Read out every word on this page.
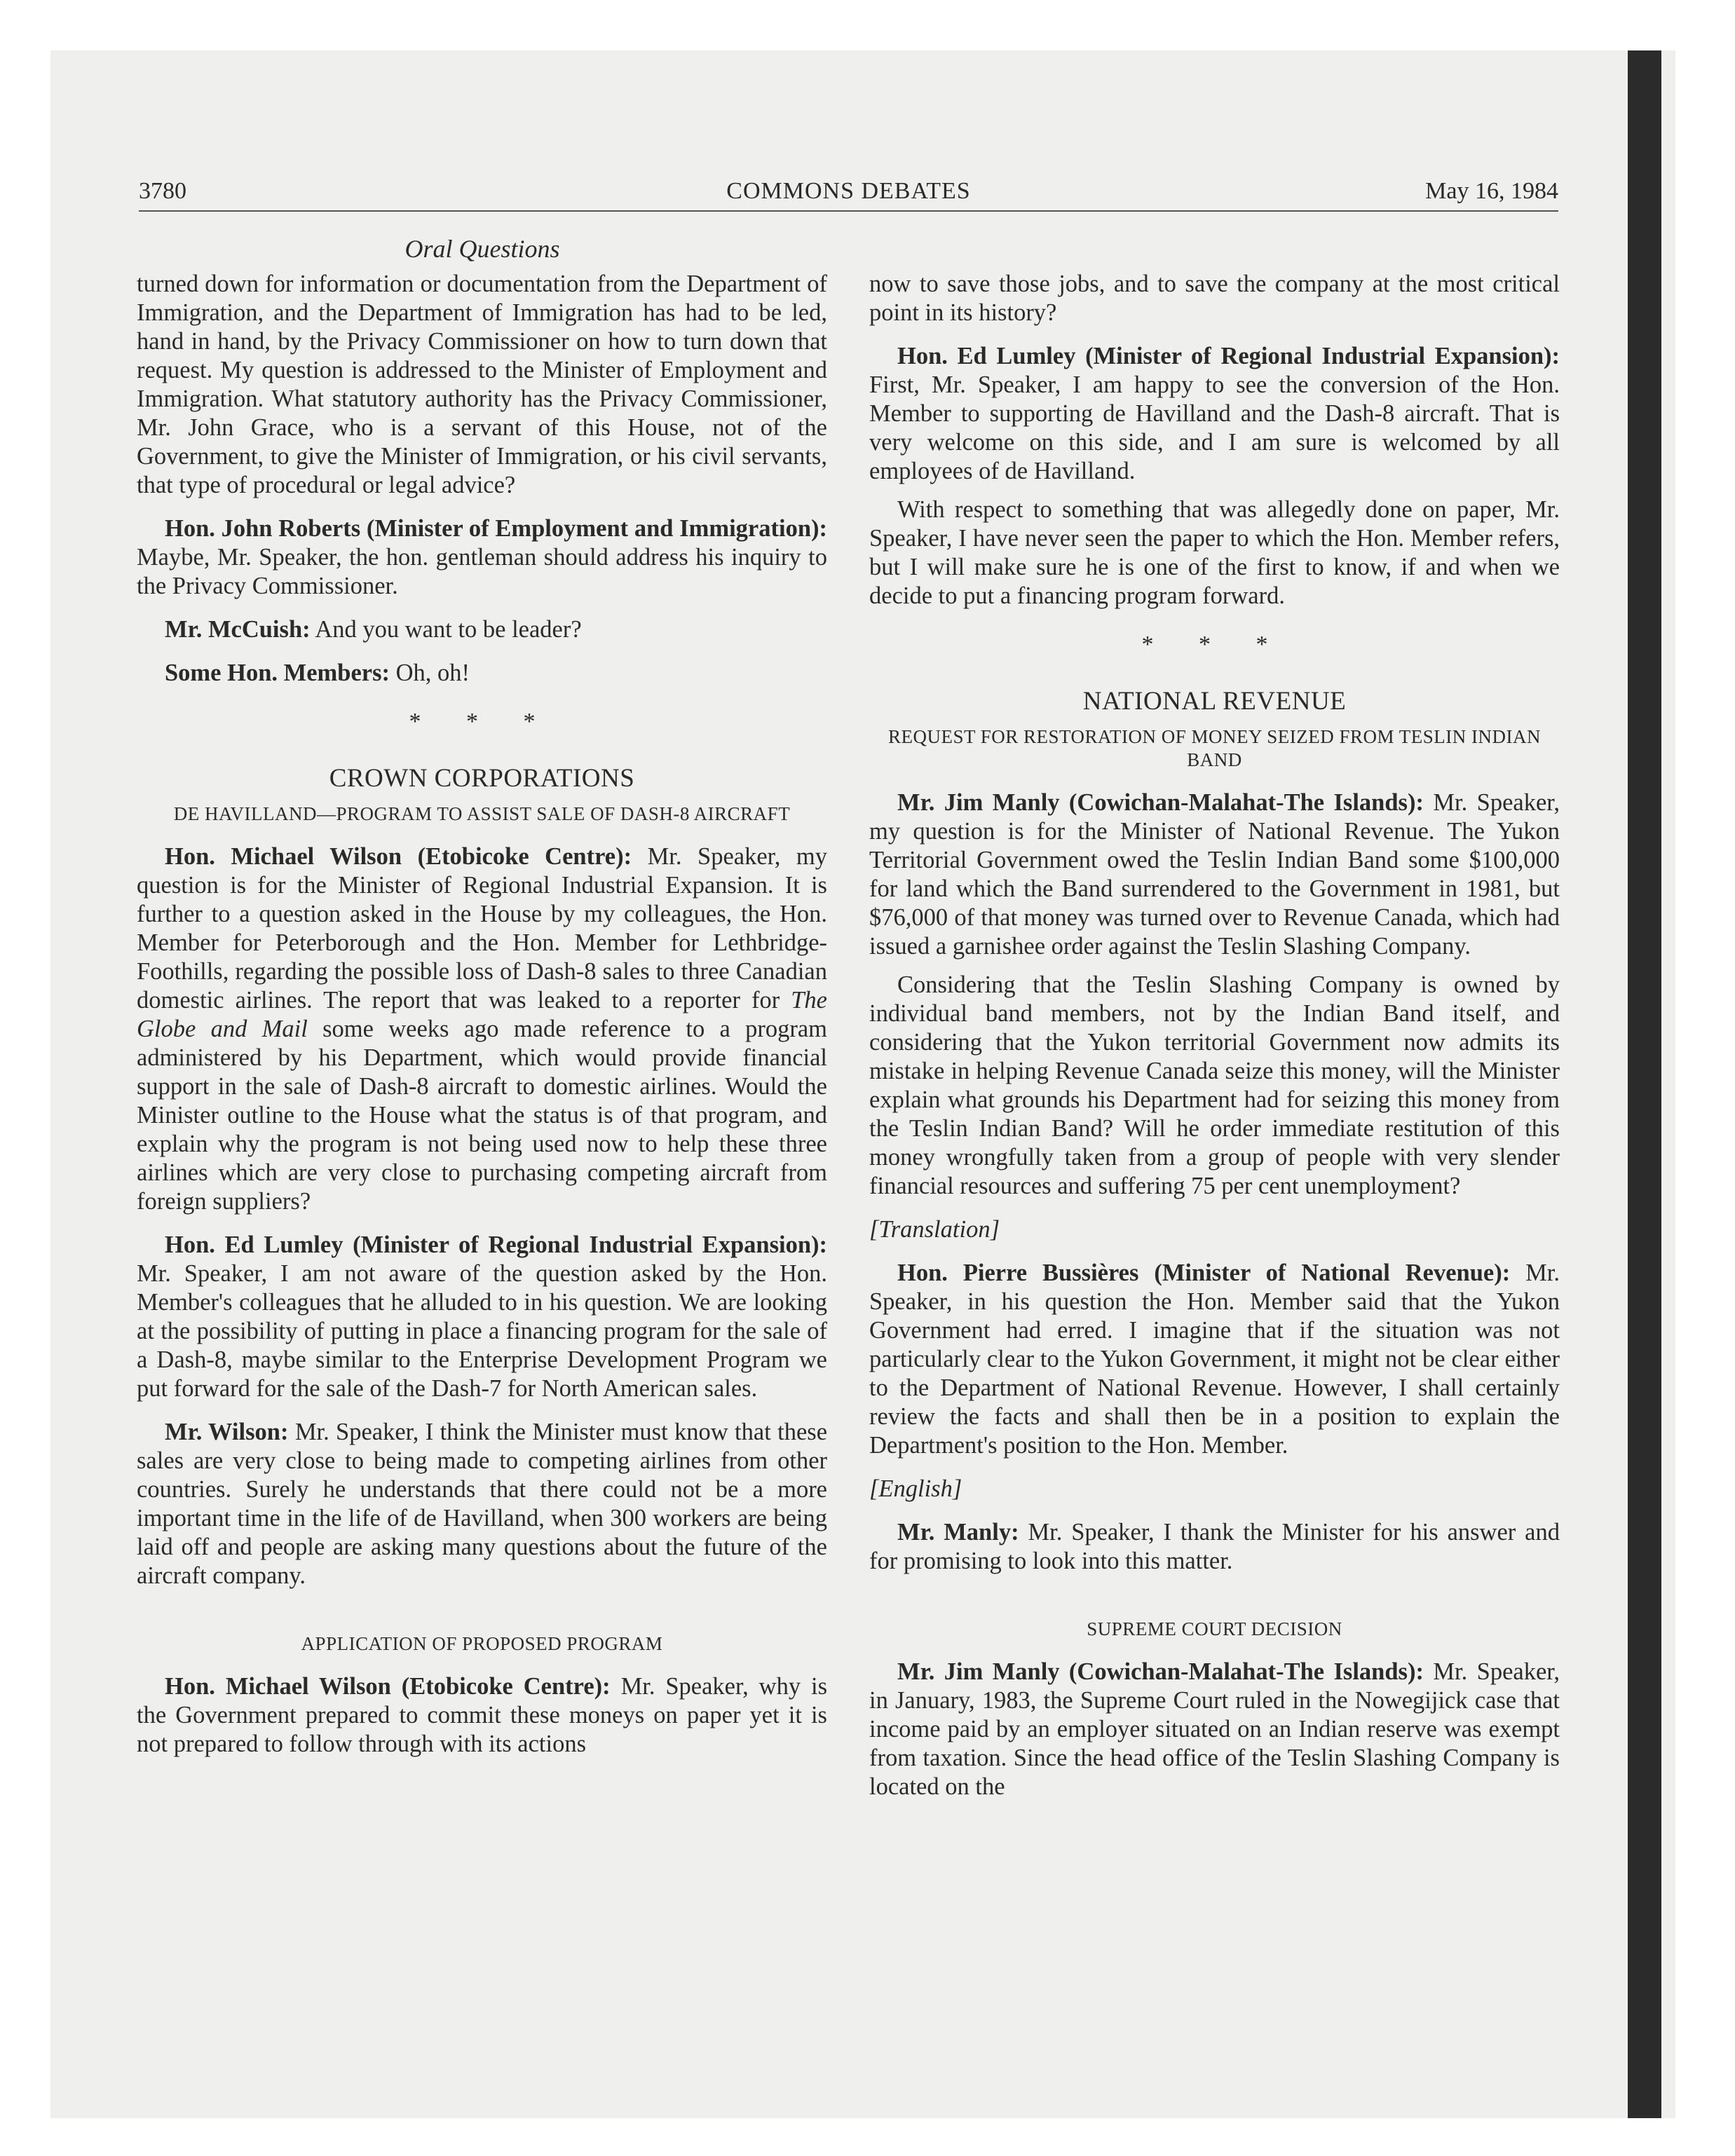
3780	COMMONS DEBATES	May 16, 1984
Oral Questions

turned down for information or documentation from the Department of Immigration, and the Department of Immigration has had to be led, hand in hand, by the Privacy Commissioner on how to turn down that request. My question is addressed to the Minister of Employment and Immigration. What statutory authority has the Privacy Commissioner, Mr. John Grace, who is a servant of this House, not of the Government, to give the Minister of Immigration, or his civil servants, that type of procedural or legal advice?

Hon. John Roberts (Minister of Employment and Immigration): Maybe, Mr. Speaker, the hon. gentleman should address his inquiry to the Privacy Commissioner.

Mr. McCuish: And you want to be leader?

Some Hon. Members: Oh, oh!

* * *
CROWN CORPORATIONS
DE HAVILLAND—PROGRAM TO ASSIST SALE OF DASH-8 AIRCRAFT

Hon. Michael Wilson (Etobicoke Centre): Mr. Speaker, my question is for the Minister of Regional Industrial Expansion. It is further to a question asked in the House by my colleagues, the Hon. Member for Peterborough and the Hon. Member for Lethbridge-Foothills, regarding the possible loss of Dash-8 sales to three Canadian domestic airlines. The report that was leaked to a reporter for The Globe and Mail some weeks ago made reference to a program administered by his Department, which would provide financial support in the sale of Dash-8 aircraft to domestic airlines. Would the Minister outline to the House what the status is of that program, and explain why the program is not being used now to help these three airlines which are very close to purchasing competing aircraft from foreign suppliers?

Hon. Ed Lumley (Minister of Regional Industrial Expansion): Mr. Speaker, I am not aware of the question asked by the Hon. Member's colleagues that he alluded to in his question. We are looking at the possibility of putting in place a financing program for the sale of a Dash-8, maybe similar to the Enterprise Development Program we put forward for the sale of the Dash-7 for North American sales.

Mr. Wilson: Mr. Speaker, I think the Minister must know that these sales are very close to being made to competing airlines from other countries. Surely he understands that there could not be a more important time in the life of de Havilland, when 300 workers are being laid off and people are asking many questions about the future of the aircraft company.

APPLICATION OF PROPOSED PROGRAM

Hon. Michael Wilson (Etobicoke Centre): Mr. Speaker, why is the Government prepared to commit these moneys on paper yet it is not prepared to follow through with its actions

now to save those jobs, and to save the company at the most critical point in its history?

Hon. Ed Lumley (Minister of Regional Industrial Expansion): First, Mr. Speaker, I am happy to see the conversion of the Hon. Member to supporting de Havilland and the Dash-8 aircraft. That is very welcome on this side, and I am sure is welcomed by all employees of de Havilland.

With respect to something that was allegedly done on paper, Mr. Speaker, I have never seen the paper to which the Hon. Member refers, but I will make sure he is one of the first to know, if and when we decide to put a financing program forward.

* * *
NATIONAL REVENUE
REQUEST FOR RESTORATION OF MONEY SEIZED FROM TESLIN INDIAN BAND

Mr. Jim Manly (Cowichan-Malahat-The Islands): Mr. Speaker, my question is for the Minister of National Revenue. The Yukon Territorial Government owed the Teslin Indian Band some $100,000 for land which the Band surrendered to the Government in 1981, but $76,000 of that money was turned over to Revenue Canada, which had issued a garnishee order against the Teslin Slashing Company.

Considering that the Teslin Slashing Company is owned by individual band members, not by the Indian Band itself, and considering that the Yukon territorial Government now admits its mistake in helping Revenue Canada seize this money, will the Minister explain what grounds his Department had for seizing this money from the Teslin Indian Band? Will he order immediate restitution of this money wrongfully taken from a group of people with very slender financial resources and suffering 75 per cent unemployment?

[Translation]

Hon. Pierre Bussières (Minister of National Revenue): Mr. Speaker, in his question the Hon. Member said that the Yukon Government had erred. I imagine that if the situation was not particularly clear to the Yukon Government, it might not be clear either to the Department of National Revenue. However, I shall certainly review the facts and shall then be in a position to explain the Department's position to the Hon. Member.

[English]

Mr. Manly: Mr. Speaker, I thank the Minister for his answer and for promising to look into this matter.

SUPREME COURT DECISION

Mr. Jim Manly (Cowichan-Malahat-The Islands): Mr. Speaker, in January, 1983, the Supreme Court ruled in the Nowegijick case that income paid by an employer situated on an Indian reserve was exempt from taxation. Since the head office of the Teslin Slashing Company is located on the
